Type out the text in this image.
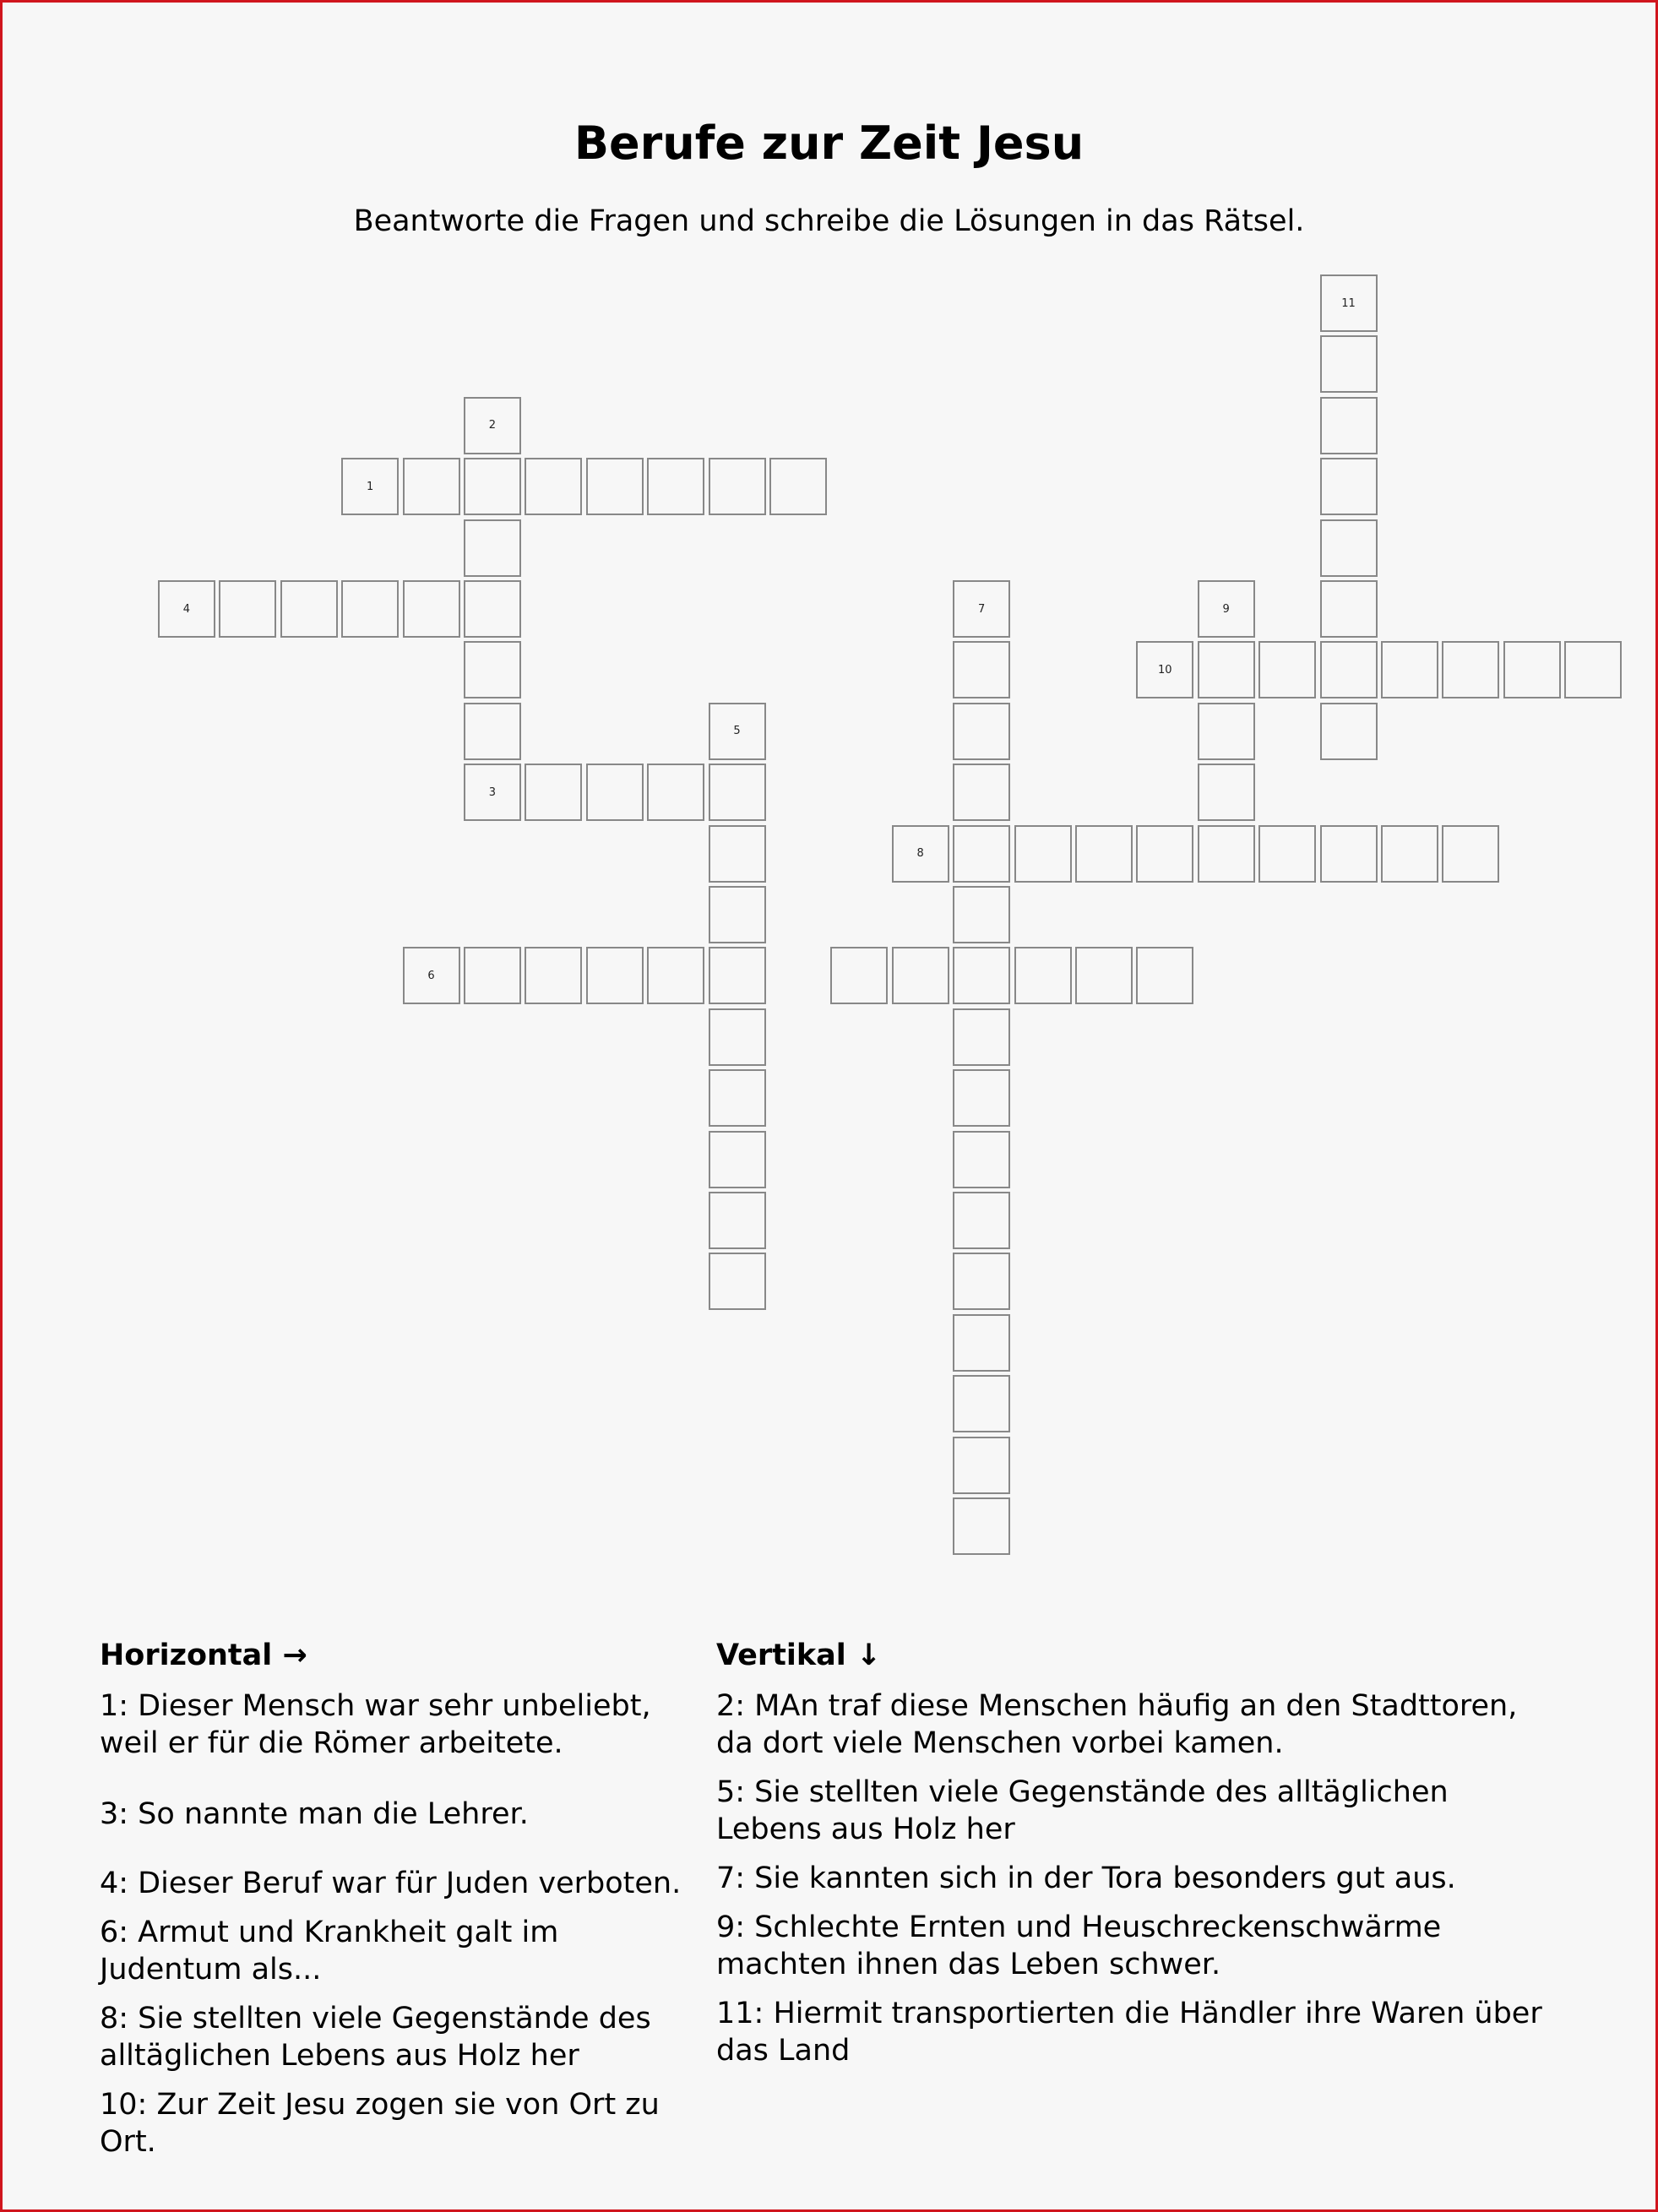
Berufe zur Zeit Jesu
Beantworte die Fragen und schreibe die Lösungen in das Rätsel.
1
2
3
4
5
6
7
8
9
10
11
Horizontal →
1: Dieser Mensch war sehr unbeliebt, weil er für die Römer arbeitete.
3: So nannte man die Lehrer.
4: Dieser Beruf war für Juden verboten.
6: Armut und Krankheit galt im Judentum als...
8: Sie stellten viele Gegenstände des alltäglichen Lebens aus Holz her
10: Zur Zeit Jesu zogen sie von Ort zu Ort.
Vertikal ↓
2: MAn traf diese Menschen häufig an den Stadttoren, da dort viele Menschen vorbei kamen.
5: Sie stellten viele Gegenstände des alltäglichen Lebens aus Holz her
7: Sie kannten sich in der Tora besonders gut aus.
9: Schlechte Ernten und Heuschreckenschwärme machten ihnen das Leben schwer.
11: Hiermit transportierten die Händler ihre Waren über das Land
